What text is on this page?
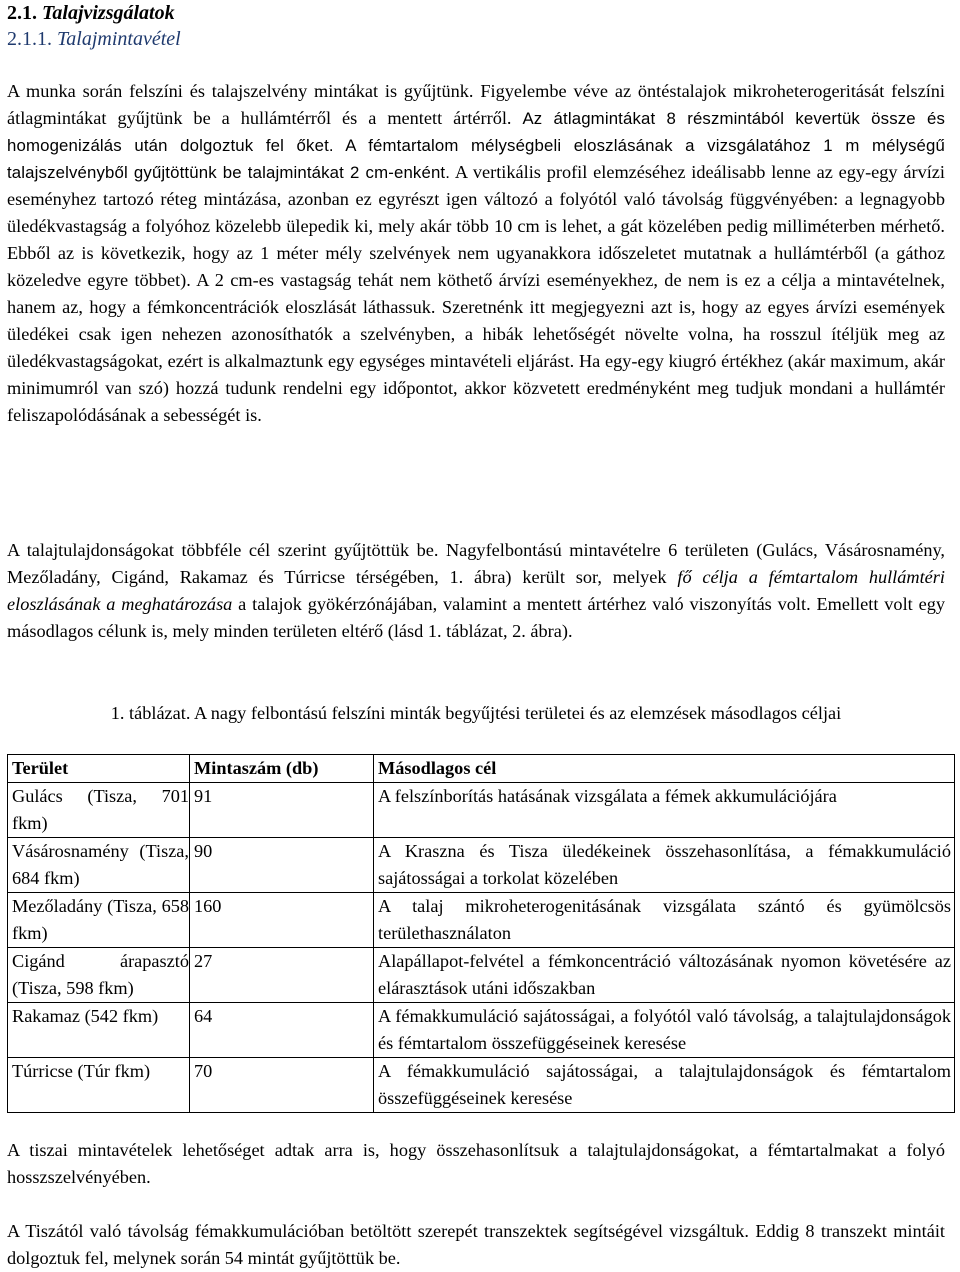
2.1. Talajvizsgálatok
2.1.1. Talajmintavétel
A munka során felszíni és talajszelvény mintákat is gyűjtünk. Figyelembe véve az öntéstalajok mikroheterogeritását felszíni átlagmintákat gyűjtünk be a hullámtérről és a mentett ártérről. Az átlagmintákat 8 részmintából kevertük össze és homogenizálás után dolgoztuk fel őket. A fémtartalom mélységbeli eloszlásának a vizsgálatához 1 m mélységű talajszelvényből gyűjtöttünk be talajmintákat 2 cm-enként. A vertikális profil elemzéséhez ideálisabb lenne az egy-egy árvízi eseményhez tartozó réteg mintázása, azonban ez egyrészt igen változó a folyótól való távolság függvényében: a legnagyobb üledékvastagság a folyóhoz közelebb ülepedik ki, mely akár több 10 cm is lehet, a gát közelében pedig milliméterben mérhető. Ebből az is következik, hogy az 1 méter mély szelvények nem ugyanakkora időszeletet mutatnak a hullámtérből (a gáthoz közeledve egyre többet). A 2 cm-es vastagság tehát nem köthető árvízi eseményekhez, de nem is ez a célja a mintavételnek, hanem az, hogy a fémkoncentrációk eloszlását láthassuk. Szeretnénk itt megjegyezni azt is, hogy az egyes árvízi események üledékei csak igen nehezen azonosíthatók a szelvényben, a hibák lehetőségét növelte volna, ha rosszul ítéljük meg az üledékvastagságokat, ezért is alkalmaztunk egy egységes mintavételi eljárást. Ha egy-egy kiugró értékhez (akár maximum, akár minimumról van szó) hozzá tudunk rendelni egy időpontot, akkor közvetett eredményként meg tudjuk mondani a hullámtér feliszapolódásának a sebességét is.
A talajtulajdonságokat többféle cél szerint gyűjtöttük be. Nagyfelbontású mintavételre 6 területen (Gulács, Vásárosnamény, Mezőladány, Cigánd, Rakamaz és Túrricse térségében, 1. ábra) került sor, melyek fő célja a fémtartalom hullámtéri eloszlásának a meghatározása a talajok gyökérzónájában, valamint a mentett ártérhez való viszonyítás volt. Emellett volt egy másodlagos célunk is, mely minden területen eltérő (lásd 1. táblázat, 2. ábra).
1. táblázat. A nagy felbontású felszíni minták begyűjtési területei és az elemzések másodlagos céljai
Terület	Mintaszám (db)	Másodlagos cél
Gulács (Tisza, 701 fkm)	91	A felszínborítás hatásának vizsgálata a fémek akkumulációjára
Vásárosnamény (Tisza, 684 fkm)	90	A Kraszna és Tisza üledékeinek összehasonlítása, a fémakkumuláció sajátosságai a torkolat közelében
Mezőladány (Tisza, 658 fkm)	160	A talaj mikroheterogenitásának vizsgálata szántó és gyümölcsös területhasználaton
Cigánd árapasztó (Tisza, 598 fkm)	27	Alapállapot-felvétel a fémkoncentráció változásának nyomon követésére az elárasztások utáni időszakban
Rakamaz (542 fkm)	64	A fémakkumuláció sajátosságai, a folyótól való távolság, a talajtulajdonságok és fémtartalom összefüggéseinek keresése
Túrricse (Túr fkm)	70	A fémakkumuláció sajátosságai, a talajtulajdonságok és fémtartalom összefüggéseinek keresése
A tiszai mintavételek lehetőséget adtak arra is, hogy összehasonlítsuk a talajtulajdonságokat, a fémtartalmakat a folyó hosszszelvényében.
A Tiszától való távolság fémakkumulációban betöltött szerepét transzektek segítségével vizsgáltuk. Eddig 8 transzekt mintáit dolgoztuk fel, melynek során 54 mintát gyűjtöttük be.
